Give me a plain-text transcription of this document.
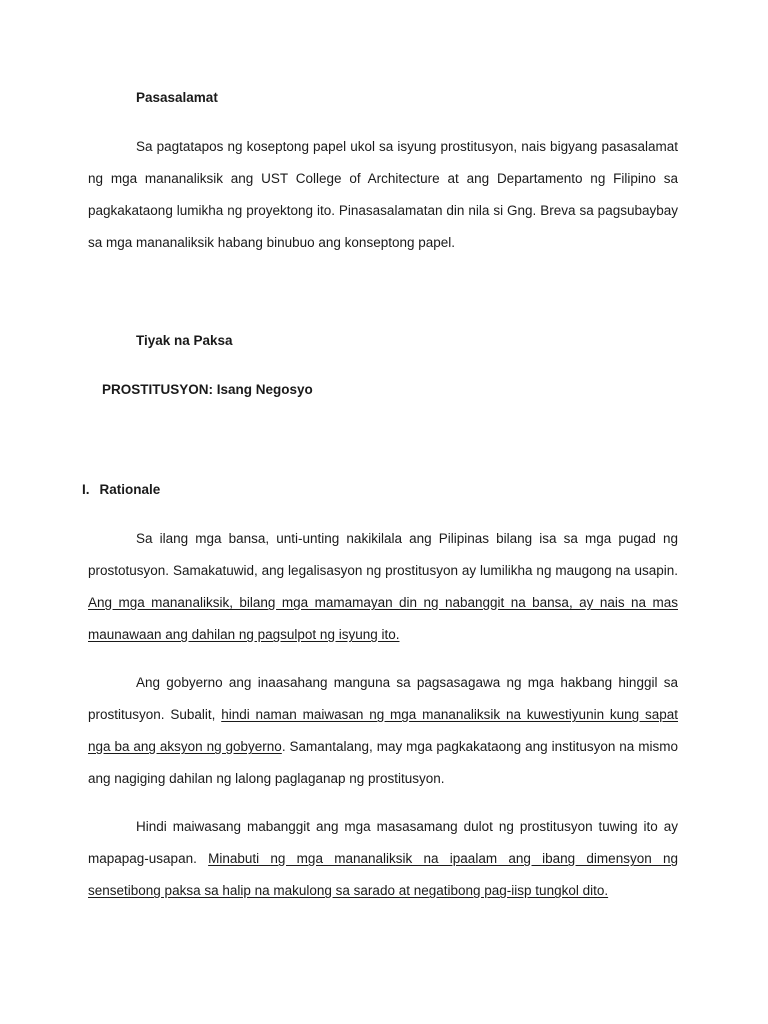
Pasasalamat

Sa pagtatapos ng koseptong papel ukol sa isyung prostitusyon, nais bigyang pasasalamat ng mga mananaliksik ang UST College of Architecture at ang Departamento ng Filipino sa pagkakataong lumikha ng proyektong ito. Pinasasalamatan din nila si Gng. Breva sa pagsubaybay sa mga mananaliksik habang binubuo ang konseptong papel.

Tiyak na Paksa
PROSTITUSYON: Isang Negosyo
I. Rationale

Sa ilang mga bansa, unti-unting nakikilala ang Pilipinas bilang isa sa mga pugad ng prostotusyon. Samakatuwid, ang legalisasyon ng prostitusyon ay lumilikha ng maugong na usapin. Ang mga mananaliksik, bilang mga mamamayan din ng nabanggit na bansa, ay nais na mas maunawaan ang dahilan ng pagsulpot ng isyung ito.

Ang gobyerno ang inaasahang manguna sa pagsasagawa ng mga hakbang hinggil sa prostitusyon. Subalit, hindi naman maiwasan ng mga mananaliksik na kuwestiyunin kung sapat nga ba ang aksyon ng gobyerno. Samantalang, may mga pagkakataong ang institusyon na mismo ang nagiging dahilan ng lalong paglaganap ng prostitusyon.

Hindi maiwasang mabanggit ang mga masasamang dulot ng prostitusyon tuwing ito ay mapapag-usapan. Minabuti ng mga mananaliksik na ipaalam ang ibang dimensyon ng sensetibong paksa sa halip na makulong sa sarado at negatibong pag-iisp tungkol dito.
